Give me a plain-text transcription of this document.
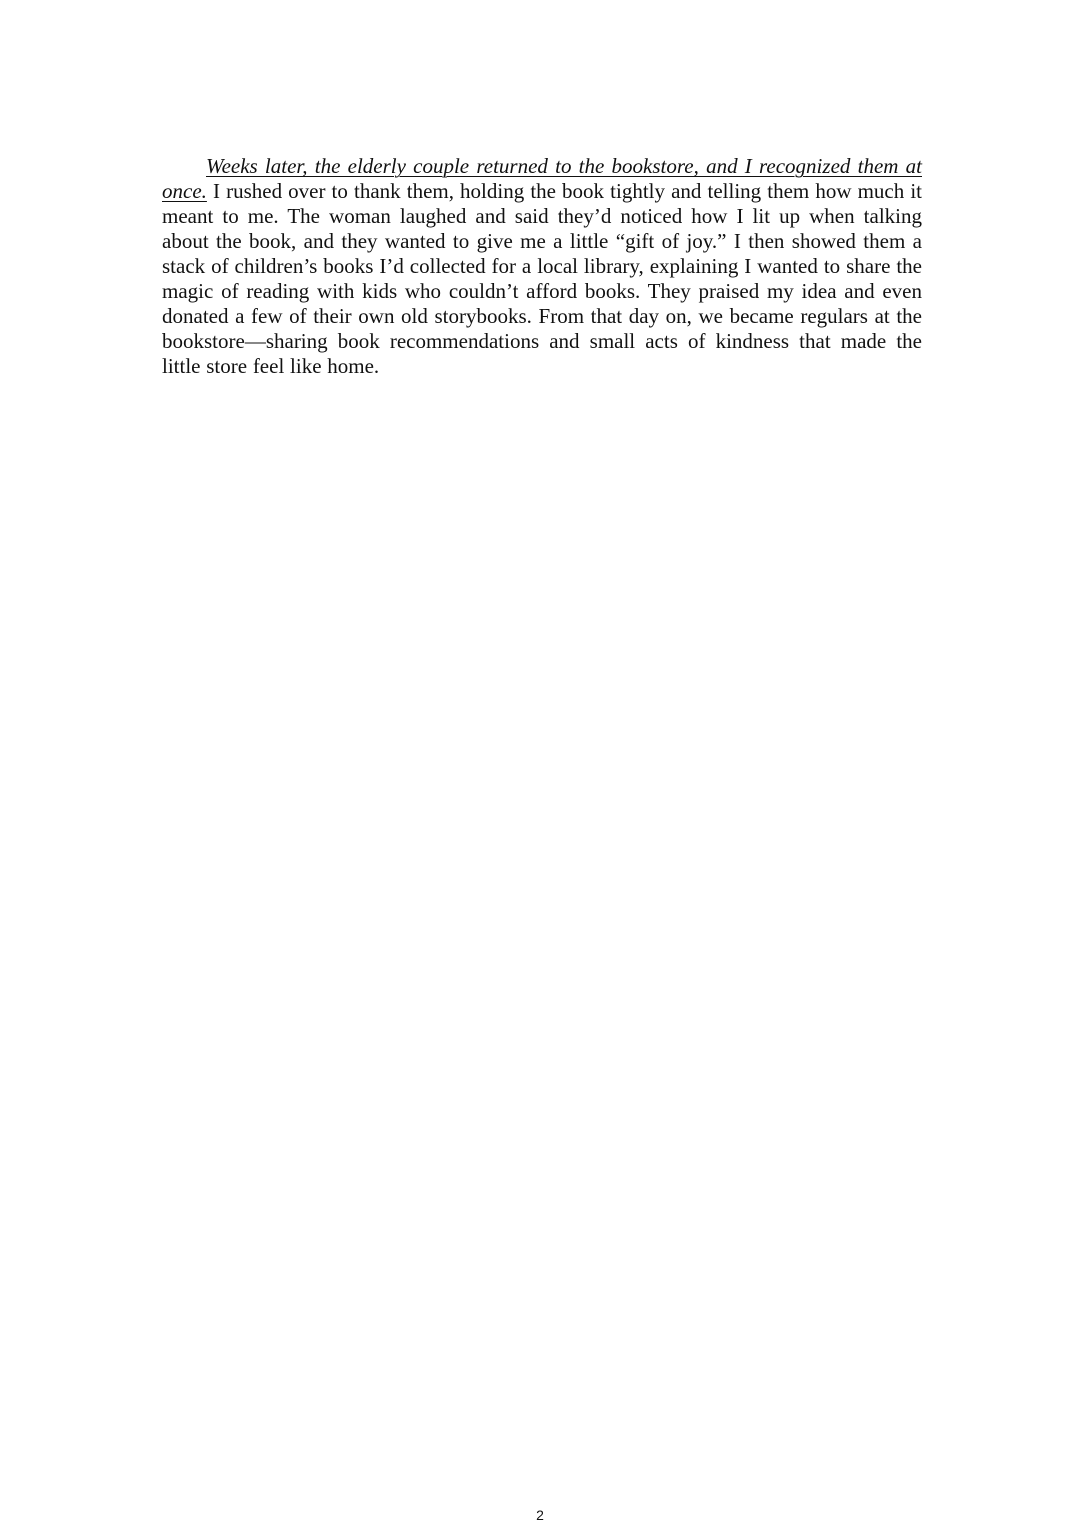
Weeks later, the elderly couple returned to the bookstore, and I recognized them at once. I rushed over to thank them, holding the book tightly and telling them how much it meant to me. The woman laughed and said they’d noticed how I lit up when talking about the book, and they wanted to give me a little “gift of joy.” I then showed them a stack of children’s books I’d collected for a local library, explaining I wanted to share the magic of reading with kids who couldn’t afford books. They praised my idea and even donated a few of their own old storybooks. From that day on, we became regulars at the bookstore—sharing book recommendations and small acts of kindness that made the little store feel like home.

2
